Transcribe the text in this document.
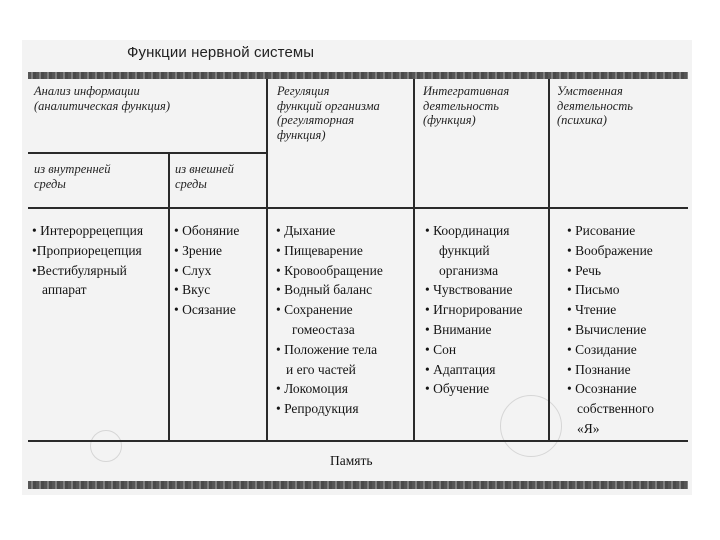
Функции нервной системы
Анализ информации
(аналитическая функция)
Регуляция
функций организма
(регуляторная
функция)
Интегративная
деятельность
(функция)
Умственная
деятельность
(психика)
из внутренней
среды
из внешней
среды
• Интероррецепция
•Проприорецепция
•Вестибулярный
аппарат
• Обоняние
• Зрение
• Слух
• Вкус
• Осязание
• Дыхание
• Пищеварение
• Кровообращение
• Водный баланс
• Сохранение
гомеостаза
• Положение тела
и его частей
• Локомоция
• Репродукция
• Координация
функций
организма
• Чувствование
• Игнорирование
• Внимание
• Сон
• Адаптация
• Обучение
• Рисование
• Воображение
• Речь
• Письмо
• Чтение
• Вычисление
• Созидание
• Познание
• Осознание
собственного
«Я»
Память
